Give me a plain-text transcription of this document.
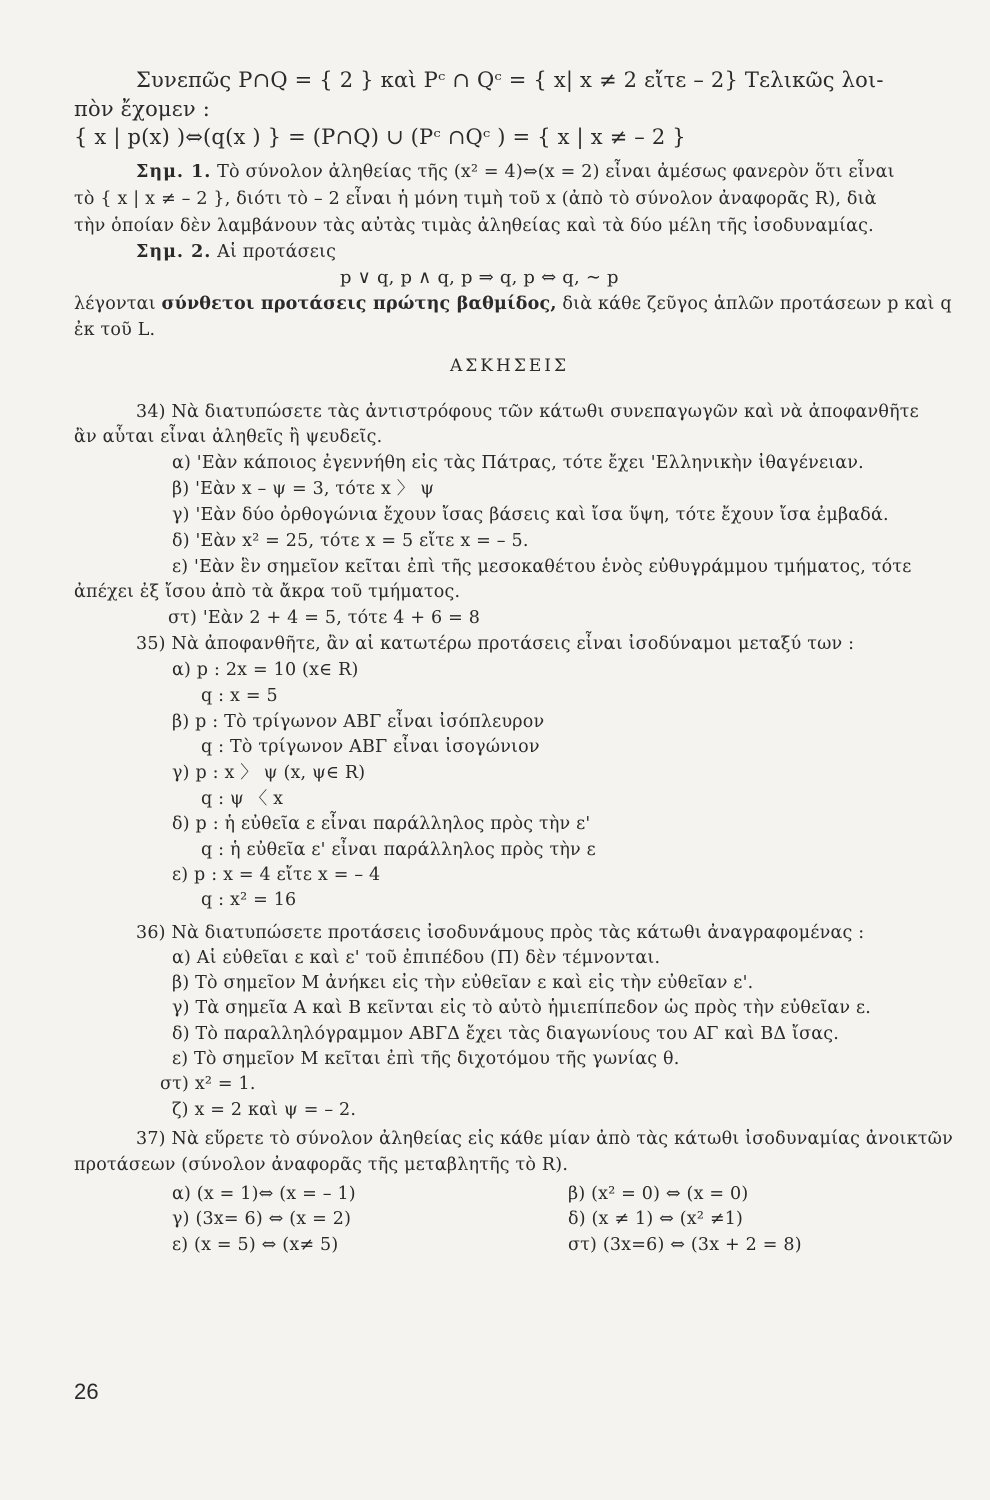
Συνεπῶς P∩Q = { 2 } καὶ Pᶜ ∩ Qᶜ = { x| x ≠ 2 εἴτε – 2} Τελικῶς λοι-
πὸν ἔχομεν :
{ x | p(x) )⇔(q(x ) } = (P∩Q) ∪ (Pᶜ ∩Qᶜ ) = { x | x ≠ – 2 }
Σημ. 1. Τὸ σύνολον ἀληθείας τῆς (x² = 4)⇔(x = 2) εἶναι ἀμέσως φανερὸν ὅτι εἶναι
τὸ { x | x ≠ – 2 }, διότι τὸ – 2 εἶναι ἡ μόνη τιμὴ τοῦ x (ἀπὸ τὸ σύνολον ἀναφορᾶς R), διὰ
τὴν ὁποίαν δὲν λαμβάνουν τὰς αὐτὰς τιμὰς ἀληθείας καὶ τὰ δύο μέλη τῆς ἰσοδυναμίας.
Σημ. 2. Αἱ προτάσεις
p ∨ q, p ∧ q, p ⇒ q, p ⇔ q, ∼ p
λέγονται σύνθετοι προτάσεις πρώτης βαθμίδος, διὰ κάθε ζεῦγος ἁπλῶν προτάσεων p καὶ q
ἐκ τοῦ L.
ΑΣΚΗΣΕΙΣ
34) Νὰ διατυπώσετε τὰς ἀντιστρόφους τῶν κάτωθι συνεπαγωγῶν καὶ νὰ ἀποφανθῆτε
ἂν αὗται εἶναι ἀληθεῖς ἢ ψευδεῖς.
α) 'Εὰν κάποιος ἐγεννήθη εἰς τὰς Πάτρας, τότε ἔχει 'Ελληνικὴν ἰθαγένειαν.
β) 'Εὰν x – ψ = 3, τότε x 〉 ψ
γ) 'Εὰν δύο ὀρθογώνια ἔχουν ἴσας βάσεις καὶ ἴσα ὕψη, τότε ἔχουν ἴσα ἐμβαδά.
δ) 'Εὰν x² = 25, τότε x = 5 εἴτε x = – 5.
ε) 'Εὰν ἓν σημεῖον κεῖται ἐπὶ τῆς μεσοκαθέτου ἑνὸς εὐθυγράμμου τμήματος, τότε
ἀπέχει ἐξ ἴσου ἀπὸ τὰ ἄκρα τοῦ τμήματος.
στ) 'Εὰν 2 + 4 = 5, τότε 4 + 6 = 8
35) Νὰ ἀποφανθῆτε, ἂν αἱ κατωτέρω προτάσεις εἶναι ἰσοδύναμοι μεταξύ των :
α) p : 2x = 10 (x∈ R)
q : x = 5
β) p : Τὸ τρίγωνον ΑΒΓ εἶναι ἰσόπλευρον
q : Τὸ τρίγωνον ΑΒΓ εἶναι ἰσογώνιον
γ) p : x 〉 ψ (x, ψ∈ R)
q : ψ 〈 x
δ) p : ἡ εὐθεῖα ε εἶναι παράλληλος πρὸς τὴν ε'
q : ἡ εὐθεῖα ε' εἶναι παράλληλος πρὸς τὴν ε
ε) p : x = 4 εἴτε x = – 4
q : x² = 16
36) Νὰ διατυπώσετε προτάσεις ἰσοδυνάμους πρὸς τὰς κάτωθι ἀναγραφομένας :
α) Αἱ εὐθεῖαι ε καὶ ε' τοῦ ἐπιπέδου (Π) δὲν τέμνονται.
β) Τὸ σημεῖον Μ ἀνήκει εἰς τὴν εὐθεῖαν ε καὶ εἰς τὴν εὐθεῖαν ε'.
γ) Τὰ σημεῖα Α καὶ Β κεῖνται εἰς τὸ αὐτὸ ἡμιεπίπεδον ὡς πρὸς τὴν εὐθεῖαν ε.
δ) Τὸ παραλληλόγραμμον ΑΒΓΔ ἔχει τὰς διαγωνίους του ΑΓ καὶ ΒΔ ἴσας.
ε) Τὸ σημεῖον Μ κεῖται ἐπὶ τῆς διχοτόμου τῆς γωνίας θ.
στ) x² = 1.
ζ) x = 2 καὶ ψ = – 2.
37) Νὰ εὕρετε τὸ σύνολον ἀληθείας εἰς κάθε μίαν ἀπὸ τὰς κάτωθι ἰσοδυναμίας ἀνοικτῶν
προτάσεων (σύνολον ἀναφορᾶς τῆς μεταβλητῆς τὸ R).
α) (x = 1)⇔ (x = – 1)	β) (x² = 0) ⇔ (x = 0)
γ) (3x= 6) ⇔ (x = 2)	δ) (x ≠ 1) ⇔ (x² ≠1)
ε) (x = 5) ⇔ (x≠ 5)	στ) (3x=6) ⇔ (3x + 2 = 8)
26
